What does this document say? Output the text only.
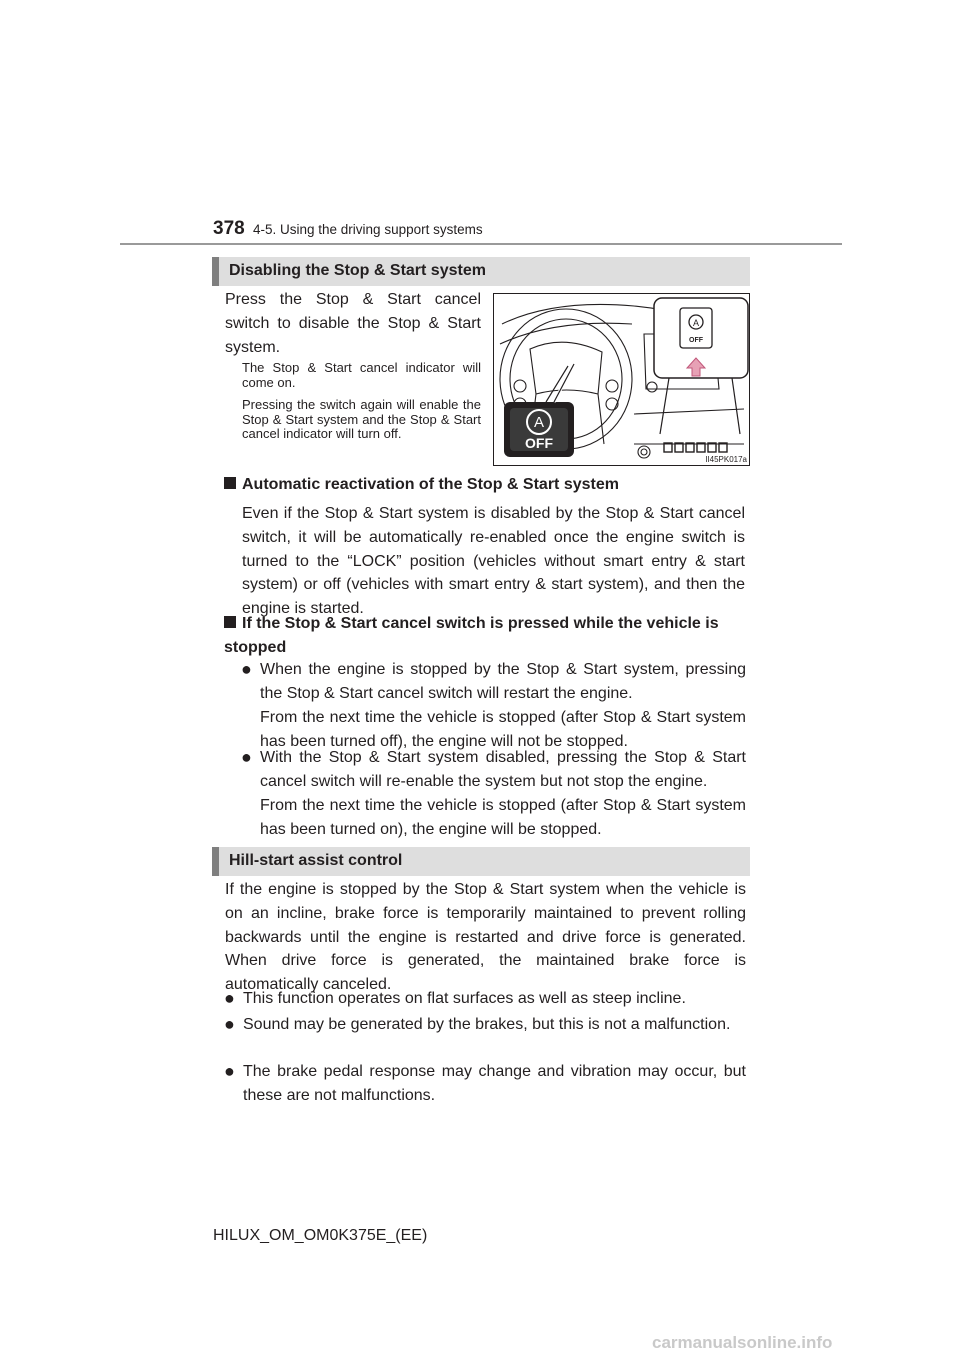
378 4-5. Using the driving support systems
Disabling the Stop & Start system
Press the Stop & Start cancel switch to disable the Stop & Start system.
The Stop & Start cancel indicator will come on.
Pressing the switch again will enable the Stop & Start system and the Stop & Start cancel indicator will turn off.
A
OFF
A
OFF
II45PK017a
Automatic reactivation of the Stop & Start system
Even if the Stop & Start system is disabled by the Stop & Start cancel switch, it will be automatically re-enabled once the engine switch is turned to the “LOCK” position (vehicles without smart entry & start system) or off (vehicles with smart entry & start system), and then the engine is started.
If the Stop & Start cancel switch is pressed while the vehicle is stopped
● When the engine is stopped by the Stop & Start system, pressing the Stop & Start cancel switch will restart the engine.
From the next time the vehicle is stopped (after Stop & Start system has been turned off), the engine will not be stopped.
● With the Stop & Start system disabled, pressing the Stop & Start cancel switch will re-enable the system but not stop the engine.
From the next time the vehicle is stopped (after Stop & Start system has been turned on), the engine will be stopped.
Hill-start assist control
If the engine is stopped by the Stop & Start system when the vehicle is on an incline, brake force is temporarily maintained to prevent rolling backwards until the engine is restarted and drive force is generated. When drive force is generated, the maintained brake force is automatically canceled.
● This function operates on flat surfaces as well as steep incline.
● Sound may be generated by the brakes, but this is not a malfunction.
● The brake pedal response may change and vibration may occur, but these are not malfunctions.
HILUX_OM_OM0K375E_(EE)
carmanualsonline.info
